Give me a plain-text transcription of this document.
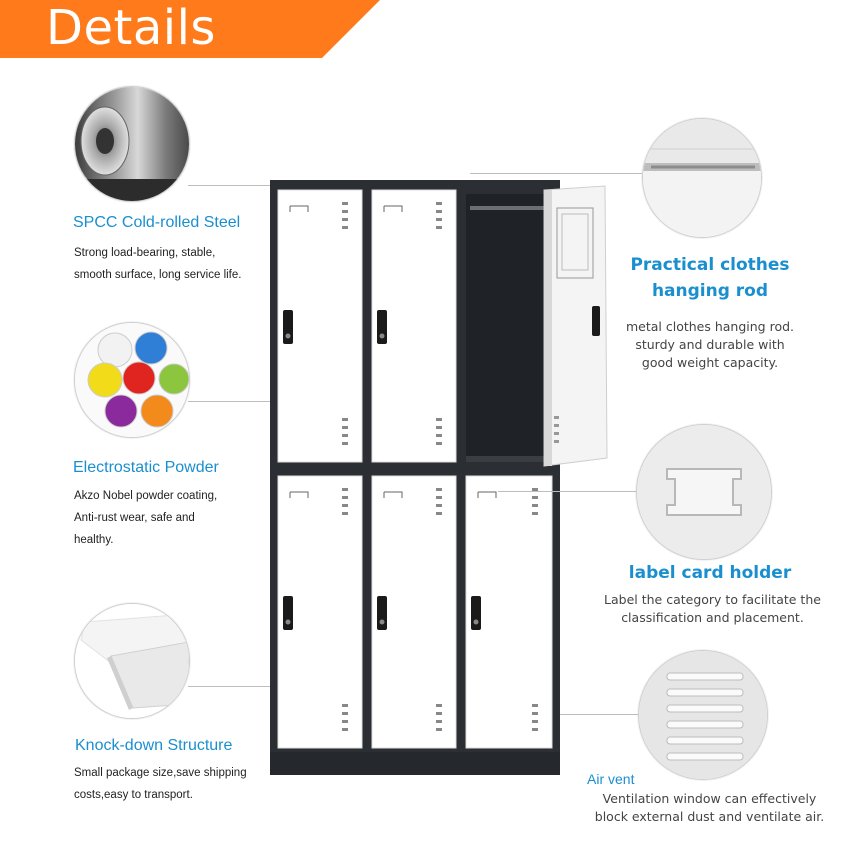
Details
SPCC Cold-rolled Steel
Strong load-bearing, stable,
smooth surface, long service life.
Electrostatic Powder
Akzo Nobel powder coating,
Anti-rust wear, safe and
healthy.
Knock-down Structure
Small package size,save shipping
costs,easy to transport.
Practical clothes
hanging rod
metal clothes hanging rod.
sturdy and durable with
good weight capacity.
label card holder
Label the category to facilitate the
classification and placement.
Air vent
Ventilation window can effectively
block external dust and ventilate air.
